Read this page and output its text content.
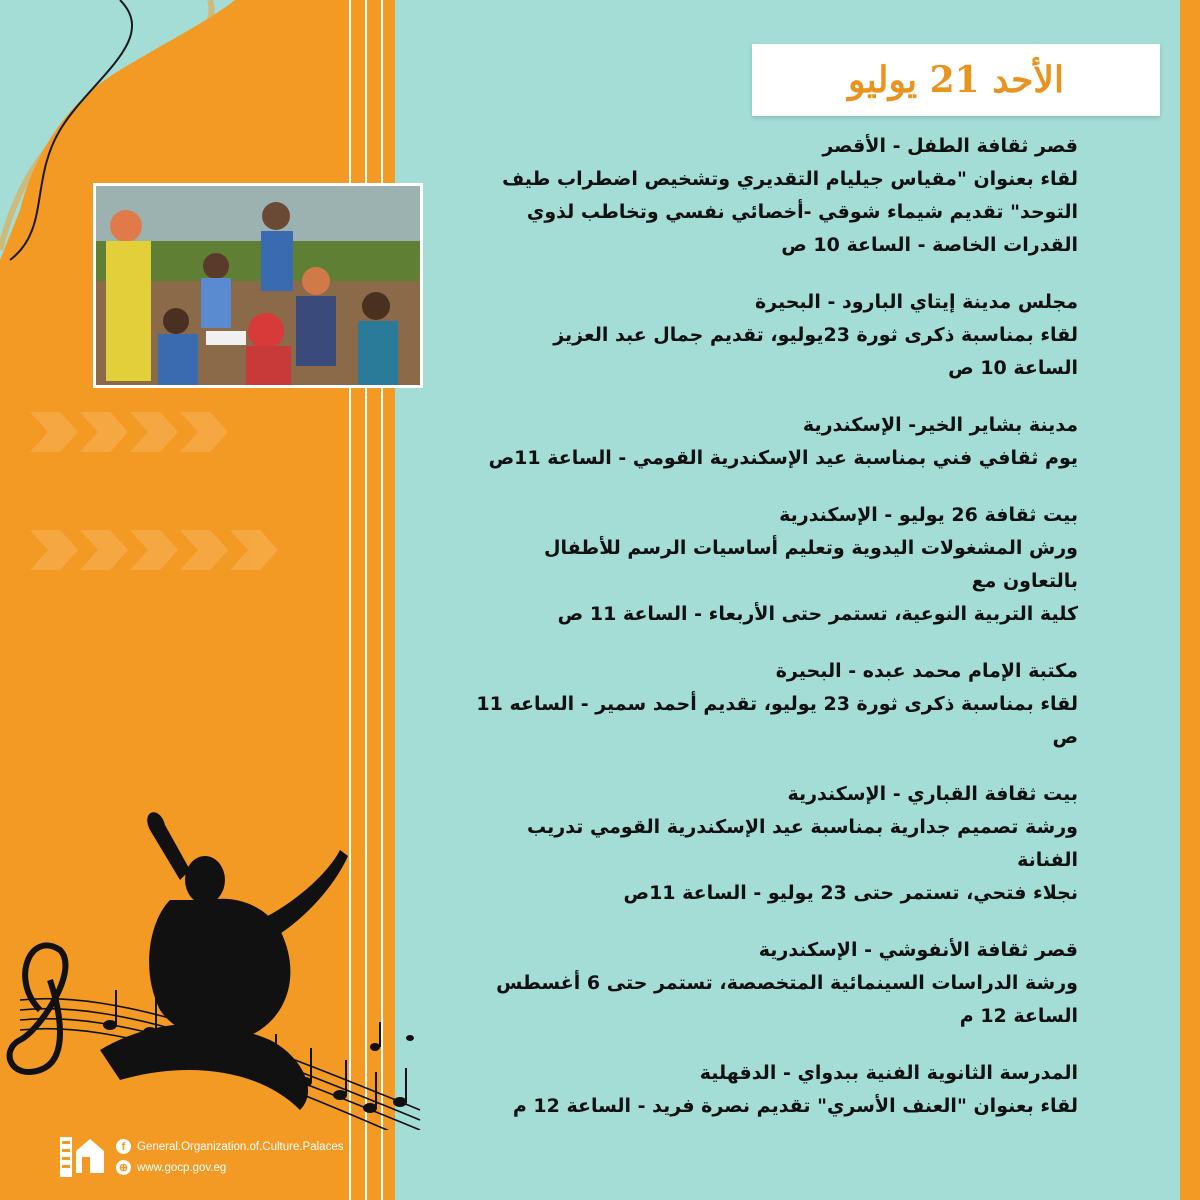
الأحد 21 يوليو
قصر ثقافة الطفل - الأقصر
لقاء بعنوان "مقياس جيليام التقديري وتشخيص اضطراب طيف
التوحد" تقديم شيماء شوقي -أخصائي نفسي وتخاطب لذوي
القدرات الخاصة - الساعة 10 ص
مجلس مدينة إيتاي البارود - البحيرة
لقاء بمناسبة ذكرى ثورة 23يوليو، تقديم جمال عبد العزيز
الساعة 10 ص
مدينة بشاير الخير- الإسكندرية
يوم ثقافي فني بمناسبة عيد الإسكندرية القومي - الساعة 11ص
بيت ثقافة 26 يوليو - الإسكندرية
ورش المشغولات اليدوية وتعليم أساسيات الرسم للأطفال بالتعاون مع
كلية التربية النوعية، تستمر حتى الأربعاء - الساعة 11 ص
مكتبة الإمام محمد عبده - البحيرة
لقاء بمناسبة ذكرى ثورة 23 يوليو، تقديم أحمد سمير - الساعه 11 ص
بيت ثقافة القباري - الإسكندرية
ورشة تصميم جدارية بمناسبة عيد الإسكندرية القومي تدريب الفنانة
نجلاء فتحي، تستمر حتى 23 يوليو - الساعة 11ص
قصر ثقافة الأنفوشي - الإسكندرية
ورشة الدراسات السينمائية المتخصصة، تستمر حتى 6 أغسطس
الساعة 12 م
المدرسة الثانوية الفنية ببدواي - الدقهلية
لقاء بعنوان "العنف الأسري" تقديم نصرة فريد - الساعة 12 م
f	General.Organization.of.Culture.Palaces
⊕ www.gocp.gov.eg
